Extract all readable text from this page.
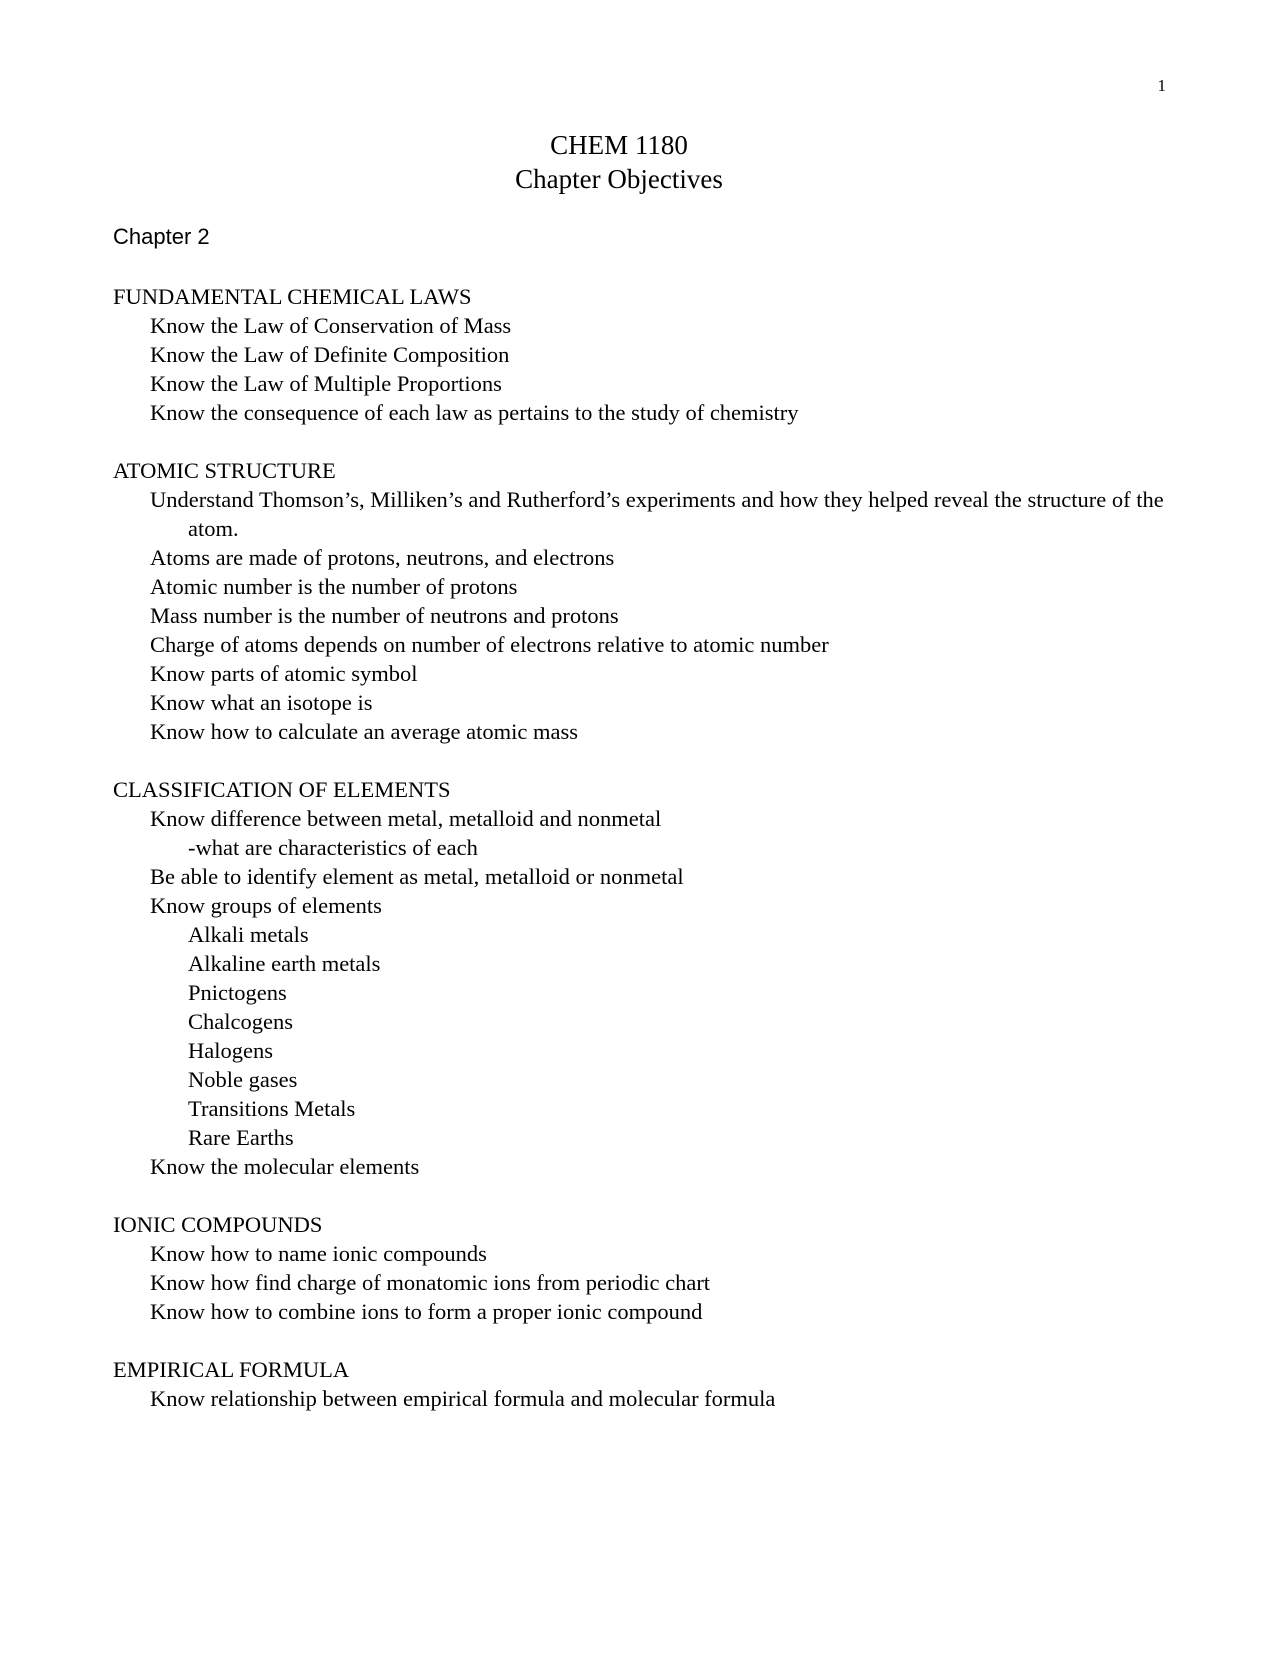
1
CHEM 1180
Chapter Objectives
Chapter 2
FUNDAMENTAL CHEMICAL LAWS
Know the Law of Conservation of Mass
Know the Law of Definite Composition
Know the Law of Multiple Proportions
Know the consequence of each law as pertains to the study of chemistry
ATOMIC STRUCTURE
Understand Thomson’s, Milliken’s and Rutherford’s experiments and how they helped reveal the structure of the atom.
Atoms are made of protons, neutrons, and electrons
Atomic number is the number of protons
Mass number is the number of neutrons and protons
Charge of atoms depends on number of electrons relative to atomic number
Know parts of atomic symbol
Know what an isotope is
Know how to calculate an average atomic mass
CLASSIFICATION OF ELEMENTS
Know difference between metal, metalloid and nonmetal
-what are characteristics of each
Be able to identify element as metal, metalloid or nonmetal
Know groups of elements
Alkali metals
Alkaline earth metals
Pnictogens
Chalcogens
Halogens
Noble gases
Transitions Metals
Rare Earths
Know the molecular elements
IONIC COMPOUNDS
Know how to name ionic compounds
Know how find charge of monatomic ions from periodic chart
Know how to combine ions to form a proper ionic compound
EMPIRICAL FORMULA
Know relationship between empirical formula and molecular formula
